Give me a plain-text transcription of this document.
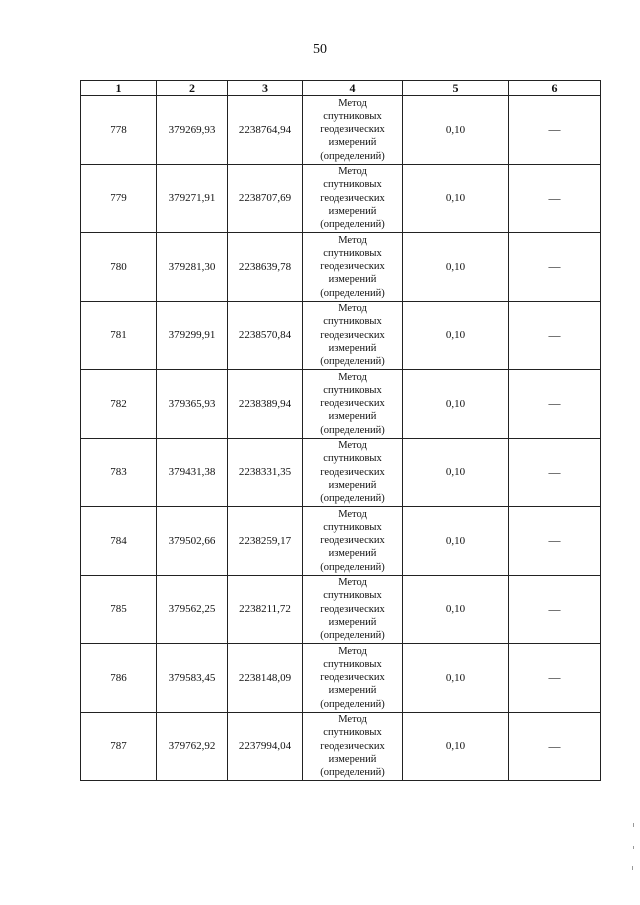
50
1	2	3	4	5	6
778	379269,93	2238764,94	Метод
спутниковых
геодезических
измерений
(определений)	0,10	—
779	379271,91	2238707,69	Метод
спутниковых
геодезических
измерений
(определений)	0,10	—
780	379281,30	2238639,78	Метод
спутниковых
геодезических
измерений
(определений)	0,10	—
781	379299,91	2238570,84	Метод
спутниковых
геодезических
измерений
(определений)	0,10	—
782	379365,93	2238389,94	Метод
спутниковых
геодезических
измерений
(определений)	0,10	—
783	379431,38	2238331,35	Метод
спутниковых
геодезических
измерений
(определений)	0,10	—
784	379502,66	2238259,17	Метод
спутниковых
геодезических
измерений
(определений)	0,10	—
785	379562,25	2238211,72	Метод
спутниковых
геодезических
измерений
(определений)	0,10	—
786	379583,45	2238148,09	Метод
спутниковых
геодезических
измерений
(определений)	0,10	—
787	379762,92	2237994,04	Метод
спутниковых
геодезических
измерений
(определений)	0,10	—
